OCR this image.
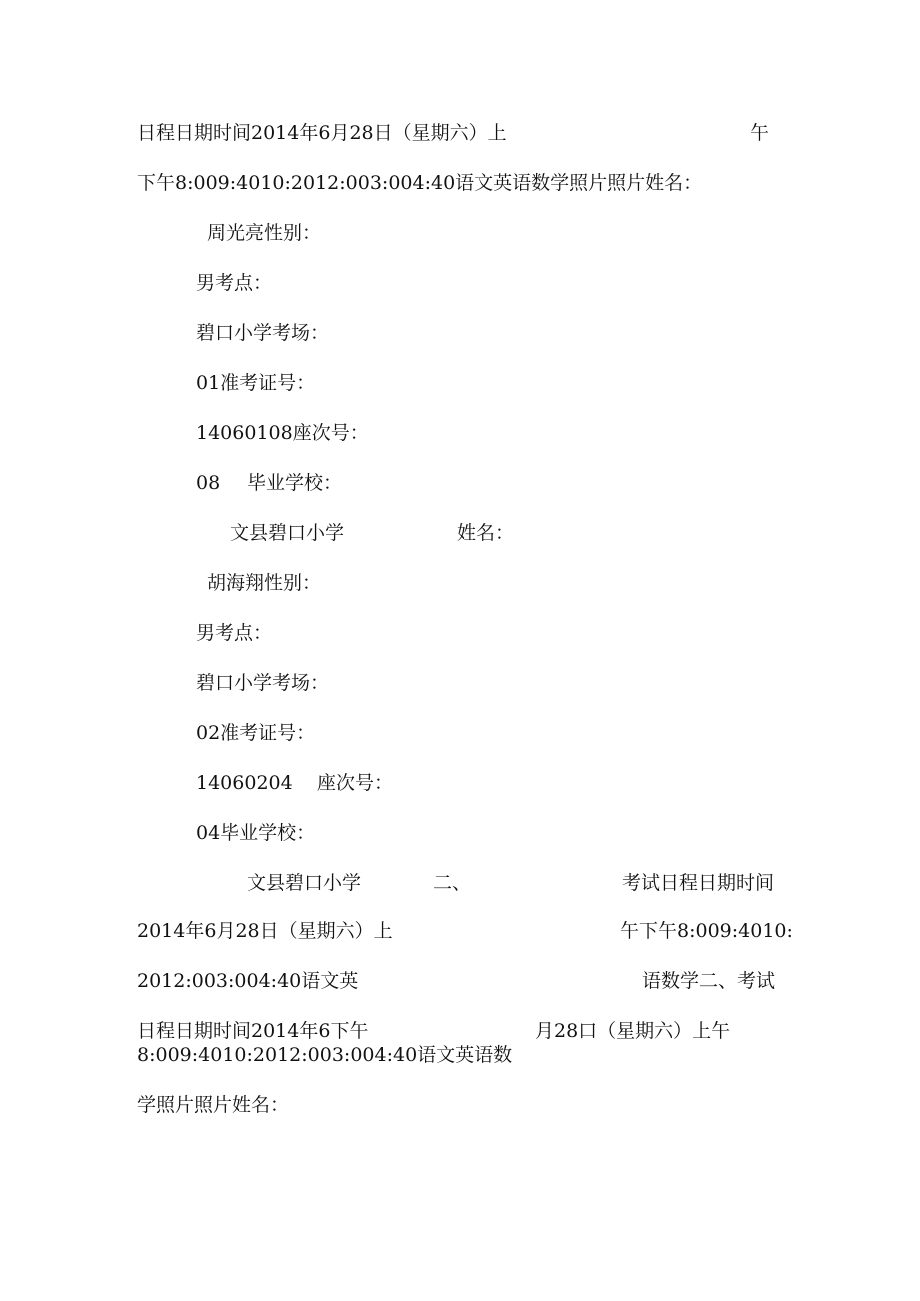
日程日期时间2014年6月28日（星期六）上	午
下午8:009:4010:2012:003:004:40语文英语数学照片照片姓名：
周光亮性别：
男考点：
碧口小学考场：
01准考证号：
14060108座次号：
08 毕业学校：
文县碧口小学	姓名：
胡海翔性别：
男考点：
碧口小学考场：
02准考证号：
14060204 座次号：
04毕业学校：
文县碧口小学	二、	考试日程日期时间
2014年6月28日（星期六）上	午下午8:009:4010:
2012:003:004:40语文英	语数学二、考试
日程日期时间2014年6下午	月28口（星期六）上午
8:009:4010:2012:003:004:40语文英语数
学照片照片姓名：
